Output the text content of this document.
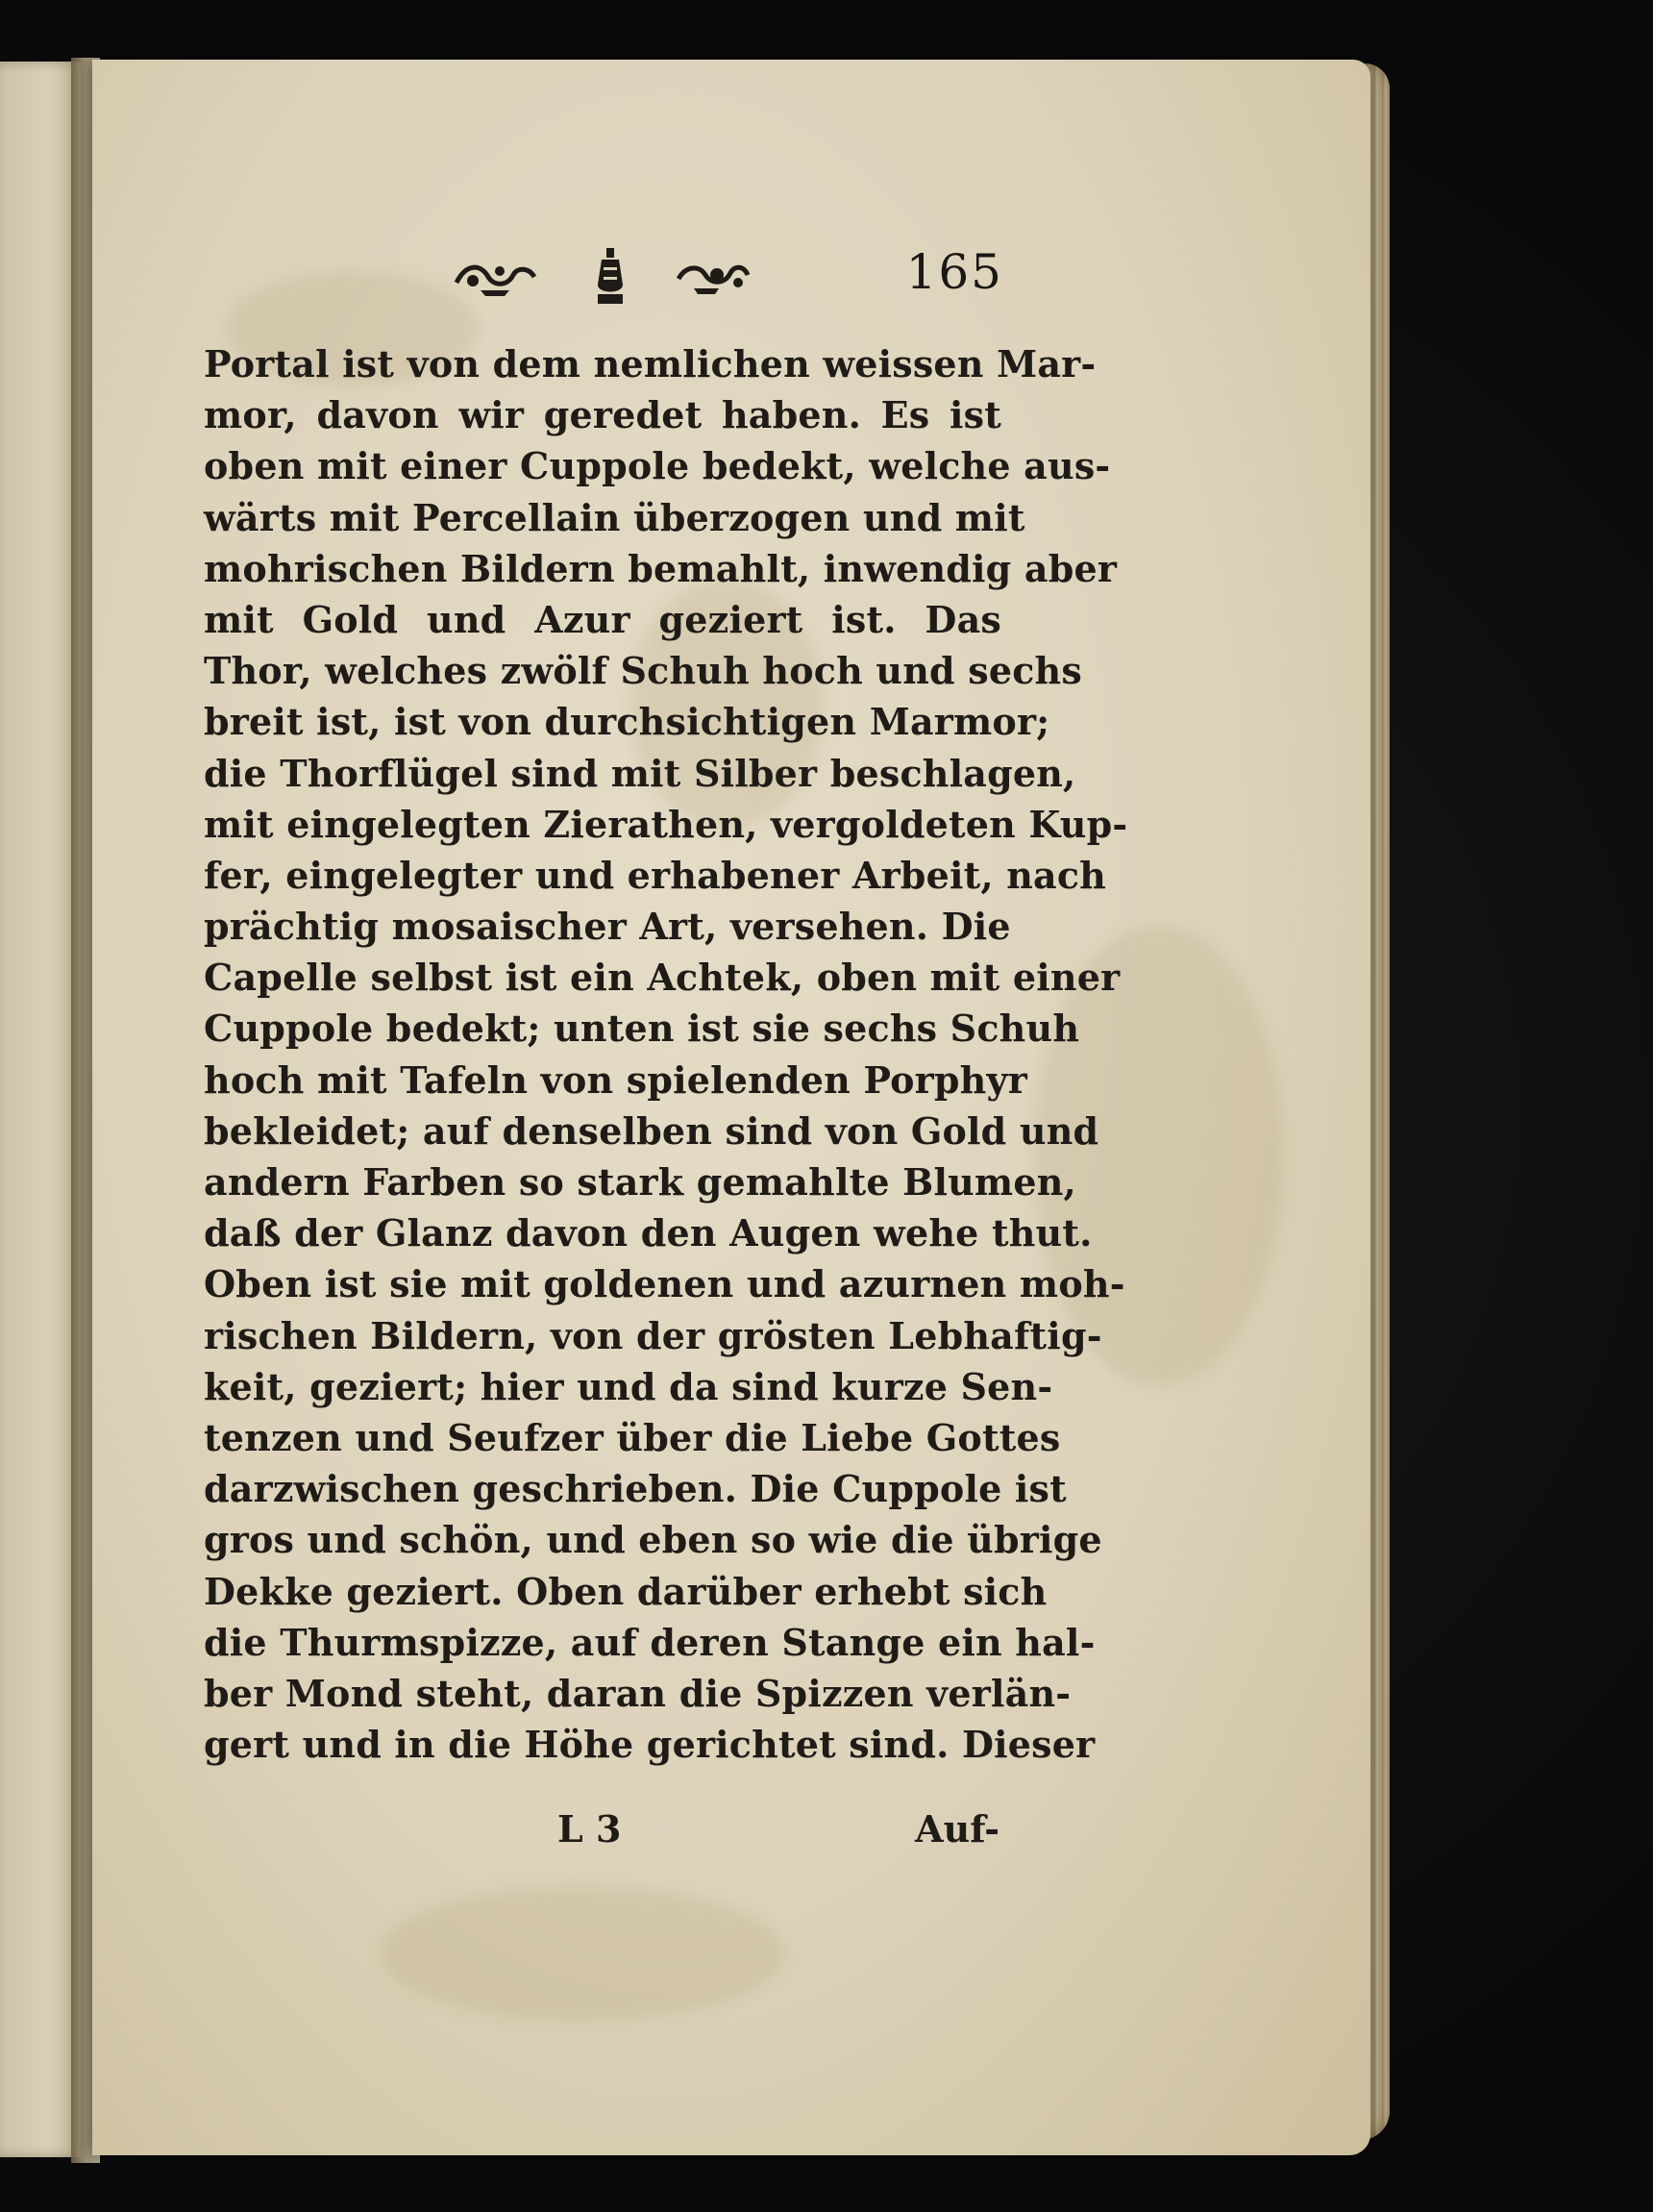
165
Portal ist von dem nemlichen weissen Mar-
mor, davon wir geredet haben. Es ist
oben mit einer Cuppole bedekt, welche aus-
wärts mit Percellain überzogen und mit
mohrischen Bildern bemahlt, inwendig aber
mit Gold und Azur geziert ist. Das
Thor, welches zwölf Schuh hoch und sechs
breit ist, ist von durchsichtigen Marmor;
die Thorflügel sind mit Silber beschlagen,
mit eingelegten Zierathen, vergoldeten Kup-
fer, eingelegter und erhabener Arbeit, nach
prächtig mosaischer Art, versehen. Die
Capelle selbst ist ein Achtek, oben mit einer
Cuppole bedekt; unten ist sie sechs Schuh
hoch mit Tafeln von spielenden Porphyr
bekleidet; auf denselben sind von Gold und
andern Farben so stark gemahlte Blumen,
daß der Glanz davon den Augen wehe thut.
Oben ist sie mit goldenen und azurnen moh-
rischen Bildern, von der grösten Lebhaftig-
keit, geziert; hier und da sind kurze Sen-
tenzen und Seufzer über die Liebe Gottes
darzwischen geschrieben. Die Cuppole ist
gros und schön, und eben so wie die übrige
Dekke geziert. Oben darüber erhebt sich
die Thurmspizze, auf deren Stange ein hal-
ber Mond steht, daran die Spizzen verlän-
gert und in die Höhe gerichtet sind. Dieser
L 3	Auf-
